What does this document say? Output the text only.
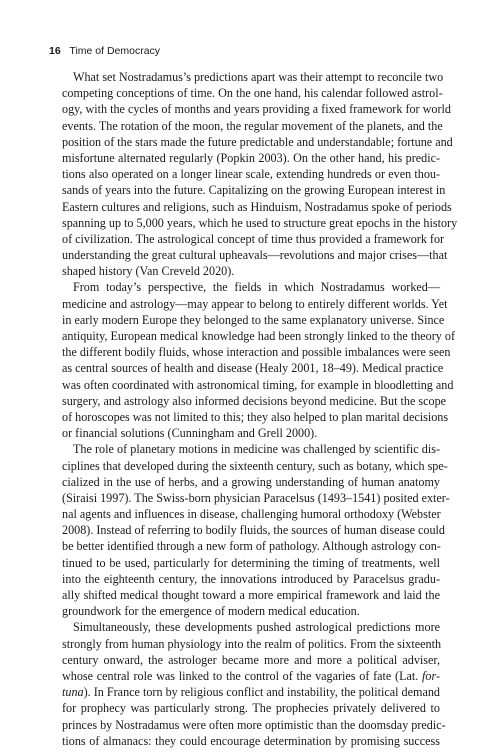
16 Time of Democracy

What set Nostradamus’s predictions apart was their attempt to reconcile two
competing conceptions of time. On the one hand, his calendar followed astrol-
ogy, with the cycles of months and years providing a fixed framework for world
events. The rotation of the moon, the regular movement of the planets, and the
position of the stars made the future predictable and understandable; fortune and
misfortune alternated regularly (Popkin 2003). On the other hand, his predic-
tions also operated on a longer linear scale, extending hundreds or even thou-
sands of years into the future. Capitalizing on the growing European interest in
Eastern cultures and religions, such as Hinduism, Nostradamus spoke of periods
spanning up to 5,000 years, which he used to structure great epochs in the history
of civilization. The astrological concept of time thus provided a framework for
understanding the great cultural upheavals—revolutions and major crises—that
shaped history (Van Creveld 2020).

From today’s perspective, the fields in which Nostradamus worked—
medicine and astrology—may appear to belong to entirely different worlds. Yet
in early modern Europe they belonged to the same explanatory universe. Since
antiquity, European medical knowledge had been strongly linked to the theory of
the different bodily fluids, whose interaction and possible imbalances were seen
as central sources of health and disease (Healy 2001, 18–49). Medical practice
was often coordinated with astronomical timing, for example in bloodletting and
surgery, and astrology also informed decisions beyond medicine. But the scope
of horoscopes was not limited to this; they also helped to plan marital decisions
or financial solutions (Cunningham and Grell 2000).

The role of planetary motions in medicine was challenged by scientific dis-
ciplines that developed during the sixteenth century, such as botany, which spe-
cialized in the use of herbs, and a growing understanding of human anatomy
(Siraisi 1997). The Swiss-born physician Paracelsus (1493–1541) posited exter-
nal agents and influences in disease, challenging humoral orthodoxy (Webster
2008). Instead of referring to bodily fluids, the sources of human disease could
be better identified through a new form of pathology. Although astrology con-
tinued to be used, particularly for determining the timing of treatments, well
into the eighteenth century, the innovations introduced by Paracelsus gradu-
ally shifted medical thought toward a more empirical framework and laid the
groundwork for the emergence of modern medical education.

Simultaneously, these developments pushed astrological predictions more
strongly from human physiology into the realm of politics. From the sixteenth
century onward, the astrologer became more and more a political adviser,
whose central role was linked to the control of the vagaries of fate (Lat. for-
tuna). In France torn by religious conflict and instability, the political demand
for prophecy was particularly strong. The prophecies privately delivered to
princes by Nostradamus were often more optimistic than the doomsday predic-
tions of almanacs: they could encourage determination by promising success
